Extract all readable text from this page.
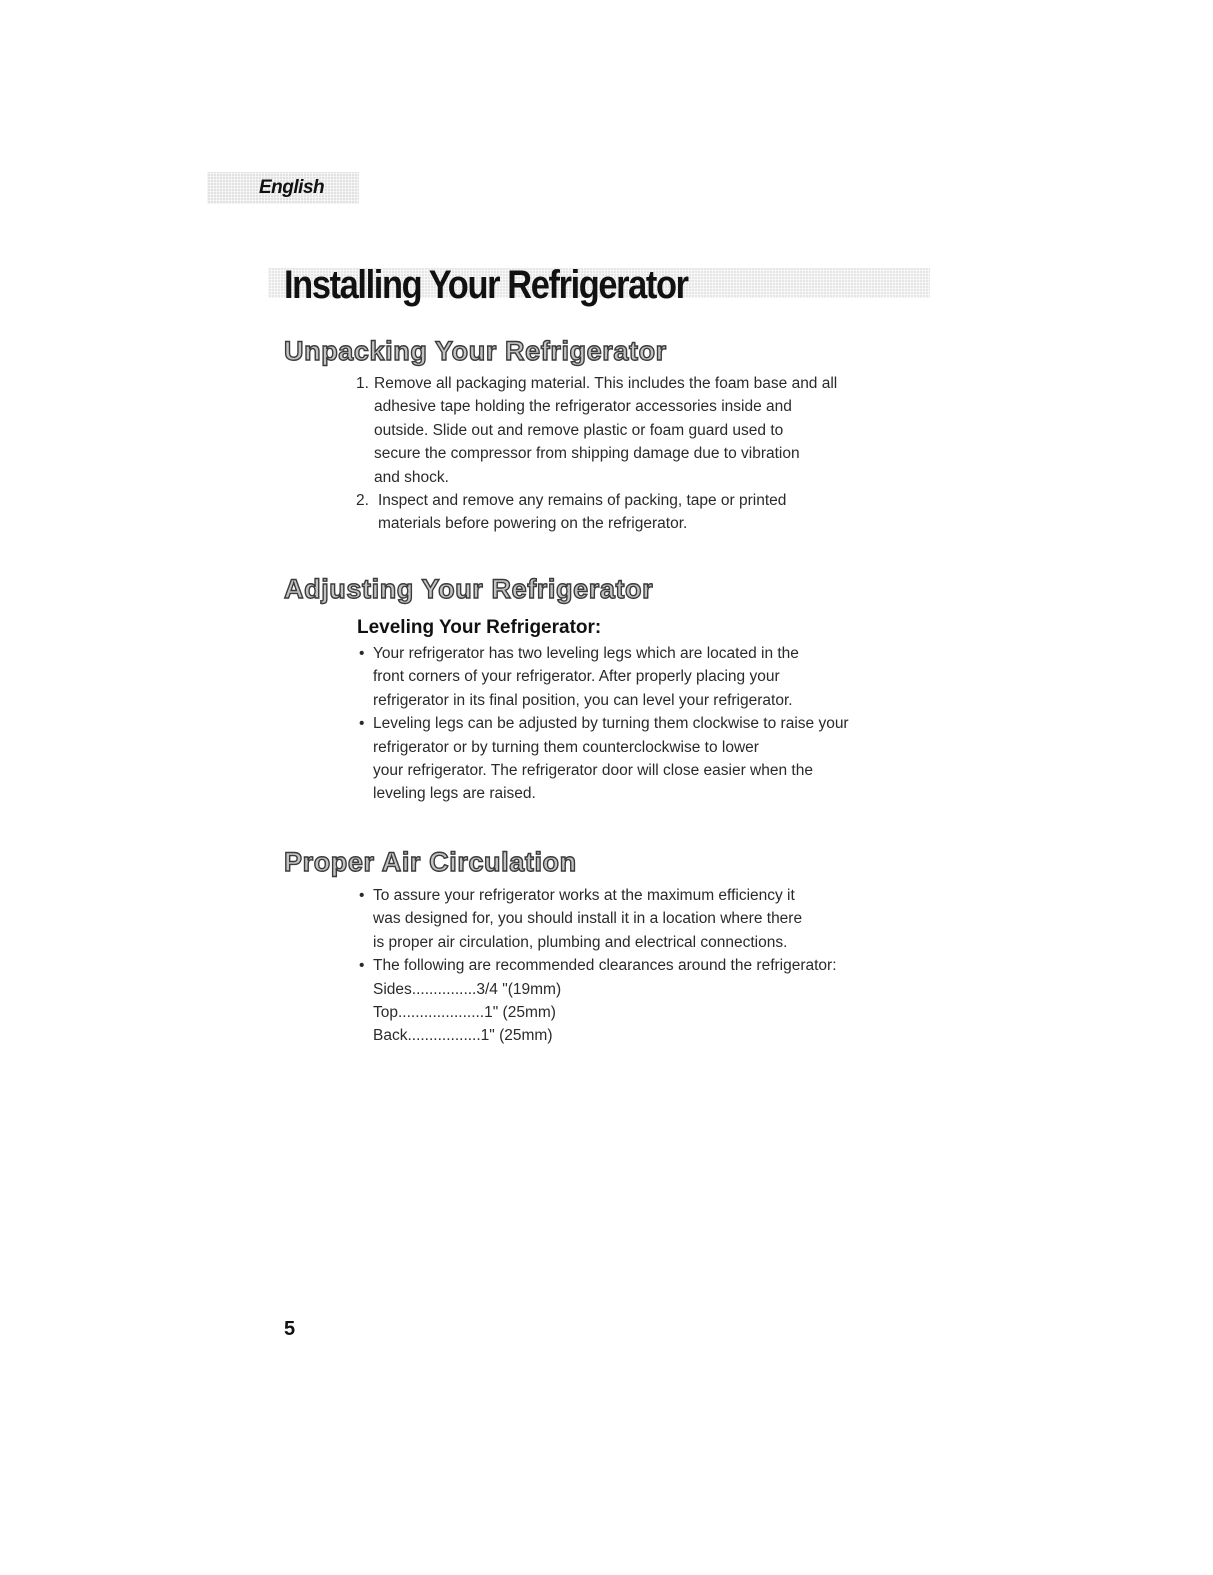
English
Installing Your Refrigerator
Unpacking Your Refrigerator
1. Remove all packaging material. This includes the foam base and all
adhesive tape holding the refrigerator accessories inside and
outside. Slide out and remove plastic or foam guard used to
secure the compressor from shipping damage due to vibration
and shock.
2. Inspect and remove any remains of packing, tape or printed
materials before powering on the refrigerator.
Adjusting Your Refrigerator
Leveling Your Refrigerator:
• Your refrigerator has two leveling legs which are located in the
front corners of your refrigerator. After properly placing your
refrigerator in its final position, you can level your refrigerator.
• Leveling legs can be adjusted by turning them clockwise to raise your
refrigerator or by turning them counterclockwise to lower
your refrigerator. The refrigerator door will close easier when the
leveling legs are raised.
Proper Air Circulation
• To assure your refrigerator works at the maximum efficiency it
was designed for, you should install it in a location where there
is proper air circulation, plumbing and electrical connections.
• The following are recommended clearances around the refrigerator:
Sides...............3/4 "(19mm)
Top....................1" (25mm)
Back.................1" (25mm)
5
